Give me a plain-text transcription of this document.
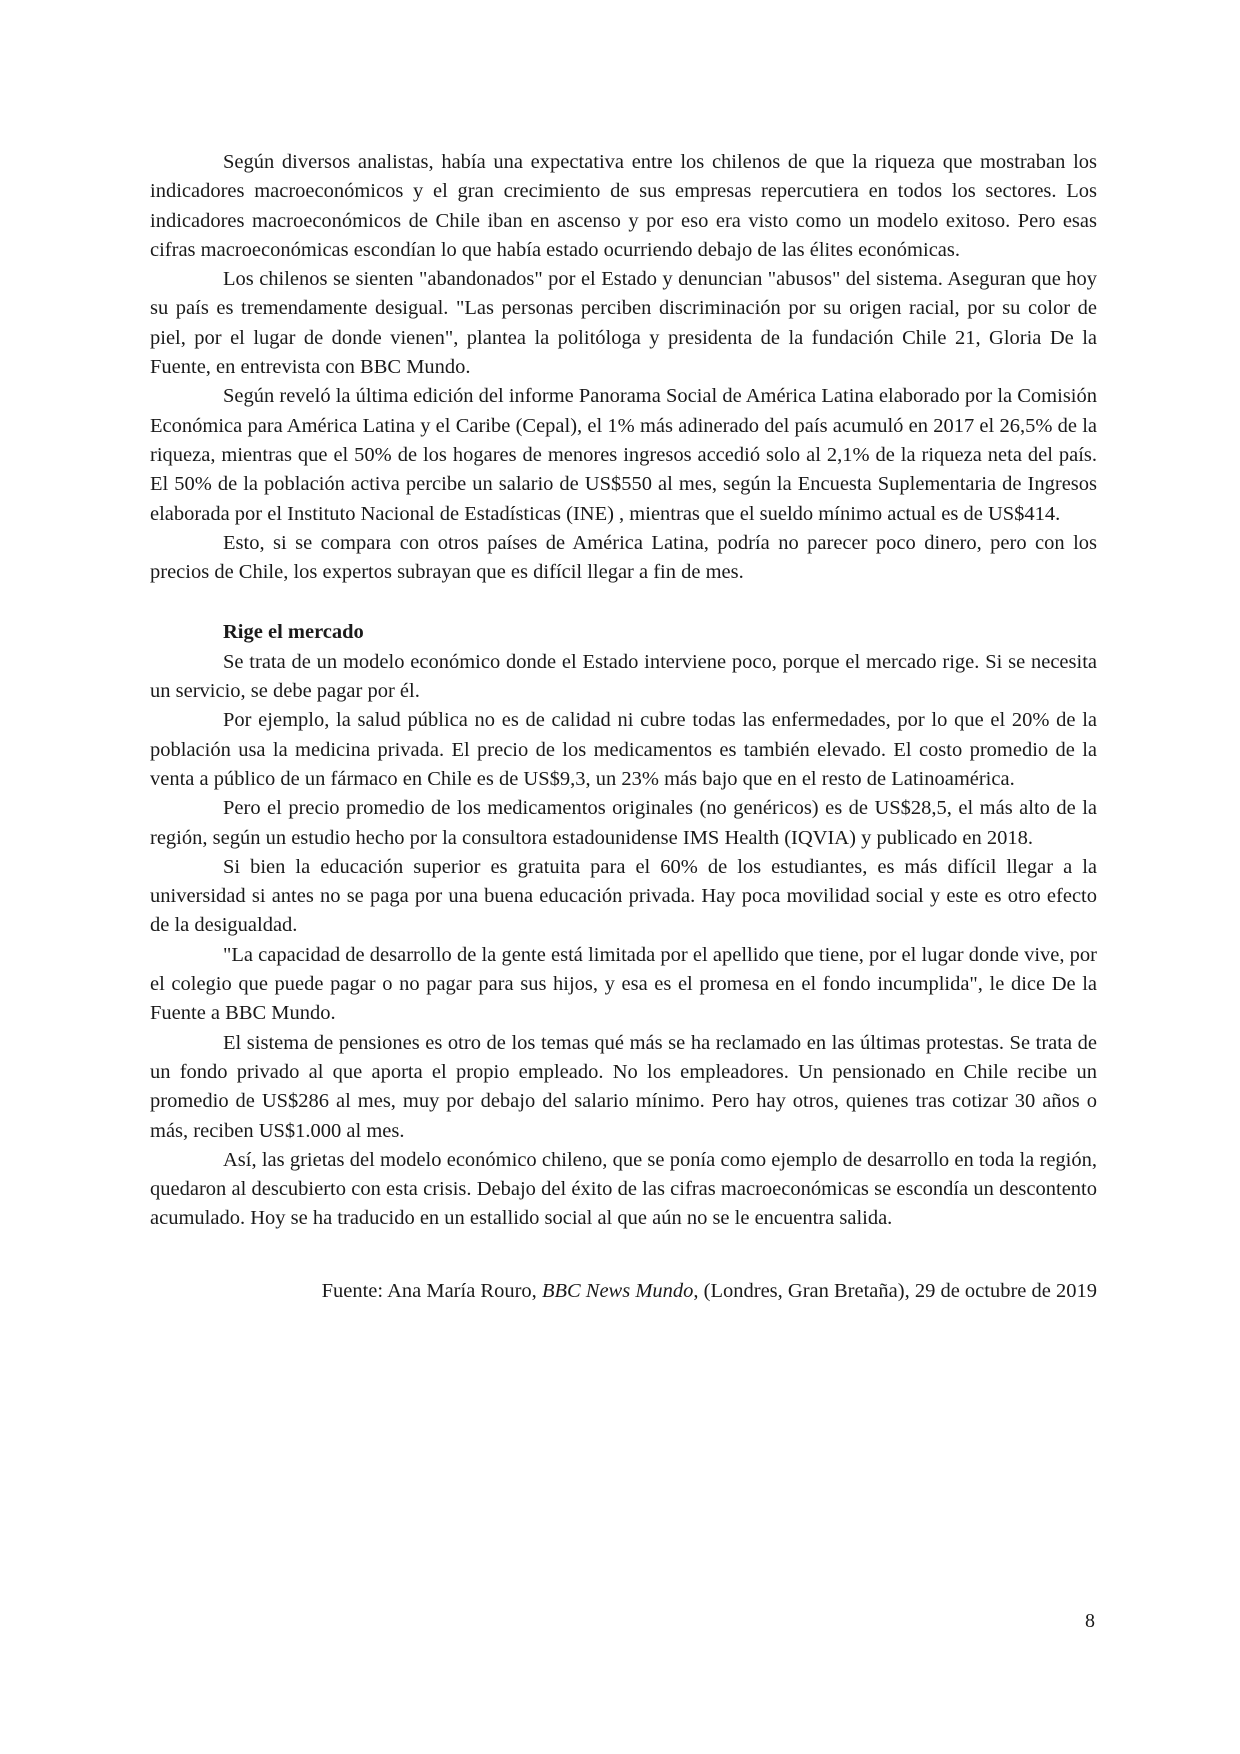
Según diversos analistas, había una expectativa entre los chilenos de que la riqueza que mostraban los indicadores macroeconómicos y el gran crecimiento de sus empresas repercutiera en todos los sectores. Los indicadores macroeconómicos de Chile iban en ascenso y por eso era visto como un modelo exitoso. Pero esas cifras macroeconómicas escondían lo que había estado ocurriendo debajo de las élites económicas.

Los chilenos se sienten "abandonados" por el Estado y denuncian "abusos" del sistema. Aseguran que hoy su país es tremendamente desigual. "Las personas perciben discriminación por su origen racial, por su color de piel, por el lugar de donde vienen", plantea la politóloga y presidenta de la fundación Chile 21, Gloria De la Fuente, en entrevista con BBC Mundo.

Según reveló la última edición del informe Panorama Social de América Latina elaborado por la Comisión Económica para América Latina y el Caribe (Cepal), el 1% más adinerado del país acumuló en 2017 el 26,5% de la riqueza, mientras que el 50% de los hogares de menores ingresos accedió solo al 2,1% de la riqueza neta del país. El 50% de la población activa percibe un salario de US$550 al mes, según la Encuesta Suplementaria de Ingresos elaborada por el Instituto Nacional de Estadísticas (INE) , mientras que el sueldo mínimo actual es de US$414.

Esto, si se compara con otros países de América Latina, podría no parecer poco dinero, pero con los precios de Chile, los expertos subrayan que es difícil llegar a fin de mes.

Rige el mercado

Se trata de un modelo económico donde el Estado interviene poco, porque el mercado rige. Si se necesita un servicio, se debe pagar por él.

Por ejemplo, la salud pública no es de calidad ni cubre todas las enfermedades, por lo que el 20% de la población usa la medicina privada. El precio de los medicamentos es también elevado. El costo promedio de la venta a público de un fármaco en Chile es de US$9,3, un 23% más bajo que en el resto de Latinoamérica.

Pero el precio promedio de los medicamentos originales (no genéricos) es de US$28,5, el más alto de la región, según un estudio hecho por la consultora estadounidense IMS Health (IQVIA) y publicado en 2018.

Si bien la educación superior es gratuita para el 60% de los estudiantes, es más difícil llegar a la universidad si antes no se paga por una buena educación privada. Hay poca movilidad social y este es otro efecto de la desigualdad.

"La capacidad de desarrollo de la gente está limitada por el apellido que tiene, por el lugar donde vive, por el colegio que puede pagar o no pagar para sus hijos, y esa es el promesa en el fondo incumplida", le dice De la Fuente a BBC Mundo.

El sistema de pensiones es otro de los temas qué más se ha reclamado en las últimas protestas. Se trata de un fondo privado al que aporta el propio empleado. No los empleadores. Un pensionado en Chile recibe un promedio de US$286 al mes, muy por debajo del salario mínimo. Pero hay otros, quienes tras cotizar 30 años o más, reciben US$1.000 al mes.

Así, las grietas del modelo económico chileno, que se ponía como ejemplo de desarrollo en toda la región, quedaron al descubierto con esta crisis. Debajo del éxito de las cifras macroeconómicas se escondía un descontento acumulado. Hoy se ha traducido en un estallido social al que aún no se le encuentra salida.

Fuente: Ana María Rouro, BBC News Mundo, (Londres, Gran Bretaña), 29 de octubre de 2019

8
